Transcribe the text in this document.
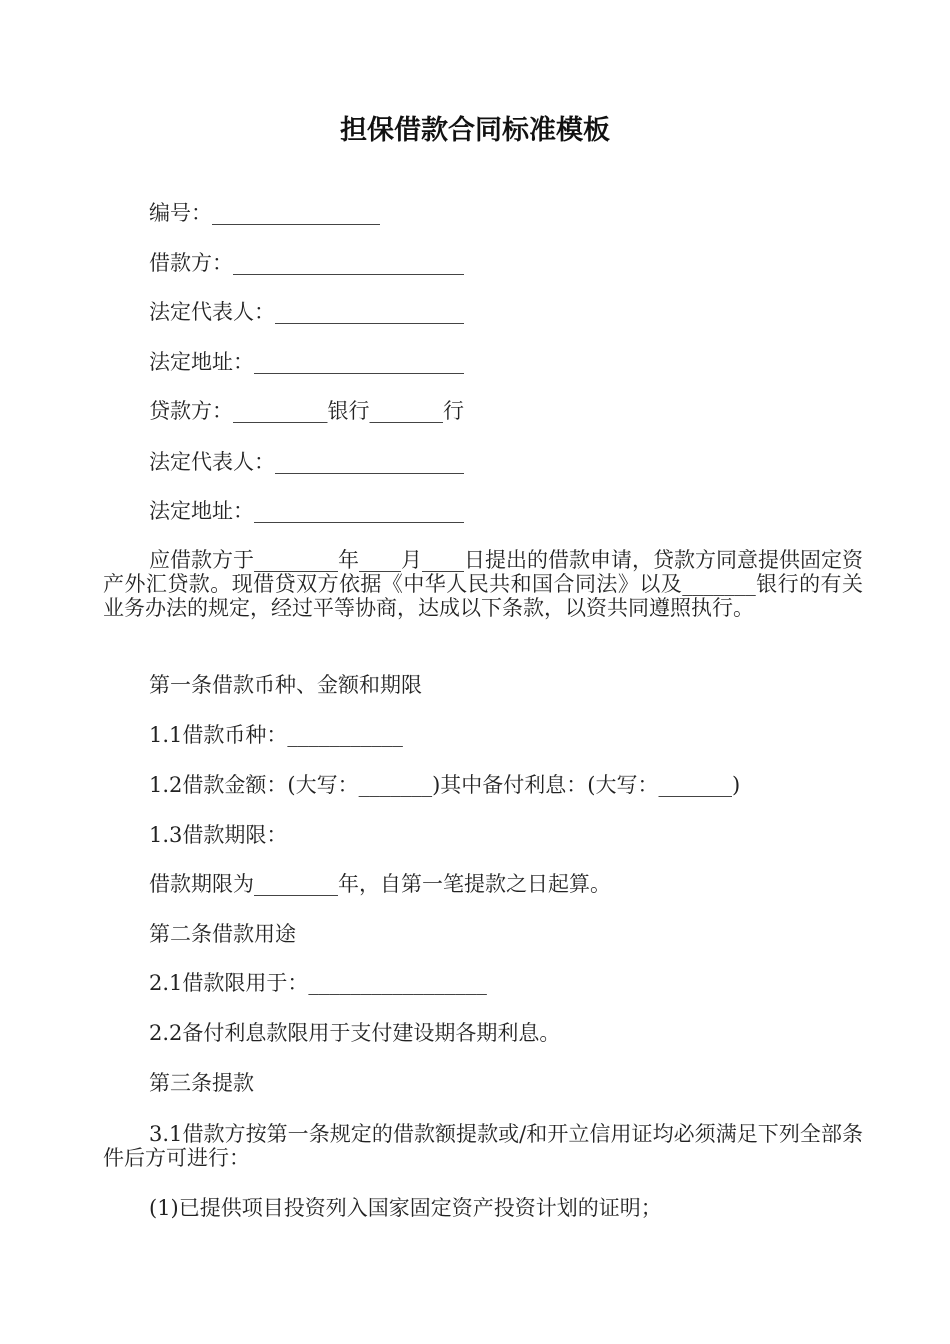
担保借款合同标准模板
编号：________________
借款方：______________________
法定代表人：__________________
法定地址：____________________
贷款方：_________银行_______行
法定代表人：__________________
法定地址：____________________
应借款方于________年____月____日提出的借款申请，贷款方同意提供固定资产外汇贷款。现借贷双方依据《中华人民共和国合同法》以及_______银行的有关业务办法的规定，经过平等协商，达成以下条款，以资共同遵照执行。
第一条借款币种、金额和期限
1.1借款币种：___________
1.2借款金额：(大写：_______)其中备付利息：(大写：_______)
1.3借款期限：
借款期限为________年，自第一笔提款之日起算。
第二条借款用途
2.1借款限用于：_________________
2.2备付利息款限用于支付建设期各期利息。
第三条提款
3.1借款方按第一条规定的借款额提款或/和开立信用证均必须满足下列全部条件后方可进行：
(1)已提供项目投资列入国家固定资产投资计划的证明；
